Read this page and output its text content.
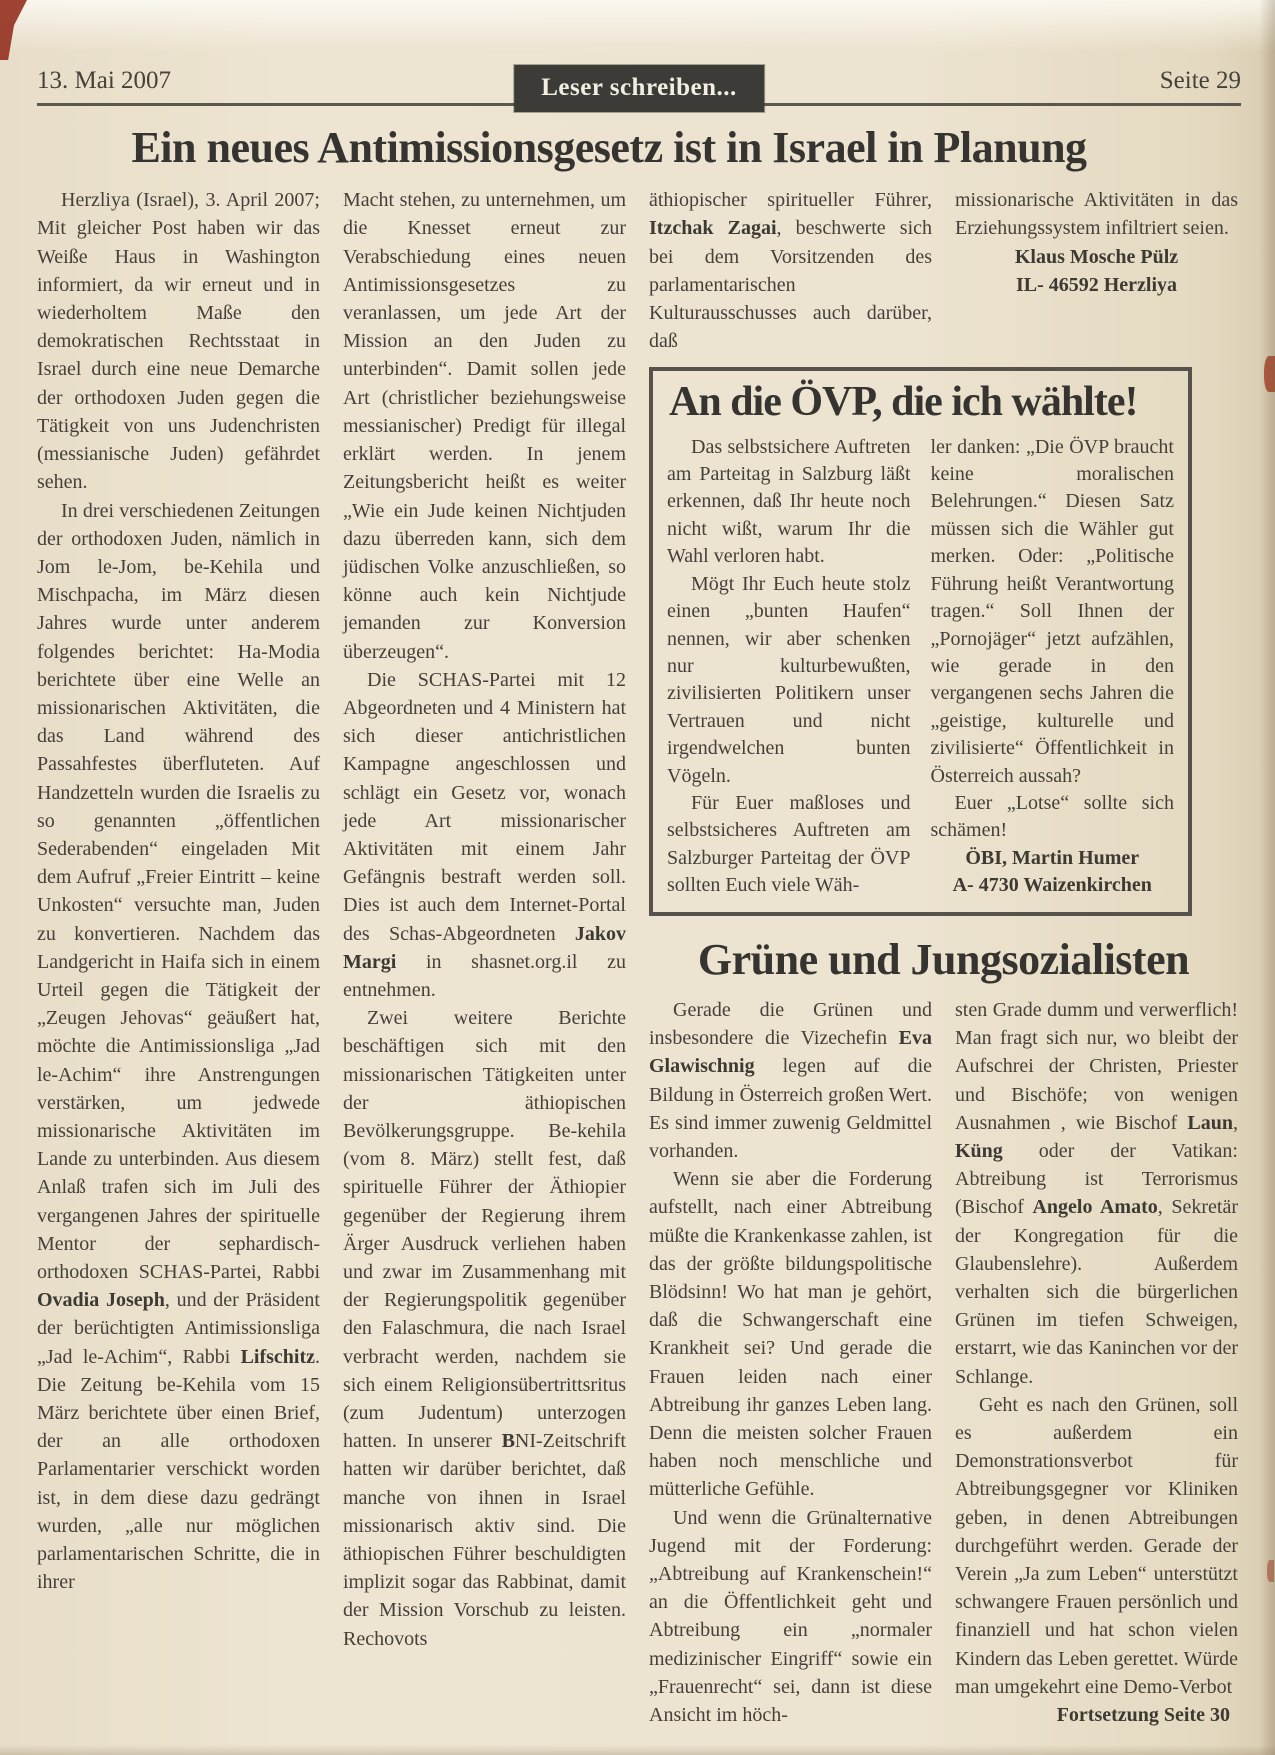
13. Mai 2007	Leser schreiben...	Seite 29
Ein neues Antimissionsgesetz ist in Israel in Planung

Herzliya (Israel), 3. April 2007; Mit gleicher Post haben wir das Weiße Haus in Washington informiert, da wir erneut und in wiederholtem Maße den demokratischen Rechtsstaat in Israel durch eine neue Demarche der orthodoxen Juden gegen die Tätigkeit von uns Judenchristen (messianische Juden) gefährdet sehen.

In drei verschiedenen Zeitungen der orthodoxen Juden, nämlich in Jom le-Jom, be-Kehila und Mischpacha, im März diesen Jahres wurde unter anderem folgendes berichtet: Ha-Modia berichtete über eine Welle an missionarischen Aktivitäten, die das Land während des Passahfestes überfluteten. Auf Handzetteln wurden die Israelis zu so genannten „öffentlichen Sederabenden“ eingeladen Mit dem Aufruf „Freier Eintritt – keine Unkosten“ versuchte man, Juden zu konvertieren. Nachdem das Landgericht in Haifa sich in einem Urteil gegen die Tätigkeit der „Zeugen Jehovas“ geäußert hat, möchte die Antimissionsliga „Jad le-Achim“ ihre Anstrengungen verstärken, um jedwede missionarische Aktivitäten im Lande zu unterbinden. Aus diesem Anlaß trafen sich im Juli des vergangenen Jahres der spirituelle Mentor der sephardisch-orthodoxen SCHAS-Partei, Rabbi Ovadia Joseph, und der Präsident der berüchtigten Antimissionsliga „Jad le-Achim“, Rabbi Lifschitz. Die Zeitung be-Kehila vom 15 März berichtete über einen Brief, der an alle orthodoxen Parlamentarier verschickt worden ist, in dem diese dazu gedrängt wurden, „alle nur möglichen parlamentarischen Schritte, die in ihrer

Macht stehen, zu unternehmen, um die Knesset erneut zur Verabschiedung eines neuen Antimissionsgesetzes zu veranlassen, um jede Art der Mission an den Juden zu unterbinden“. Damit sollen jede Art (christlicher beziehungsweise messianischer) Predigt für illegal erklärt werden. In jenem Zeitungsbericht heißt es weiter „Wie ein Jude keinen Nichtjuden dazu überreden kann, sich dem jüdischen Volke anzuschließen, so könne auch kein Nichtjude jemanden zur Konversion überzeugen“.

Die SCHAS-Partei mit 12 Abgeordneten und 4 Ministern hat sich dieser antichristlichen Kampagne angeschlossen und schlägt ein Gesetz vor, wonach jede Art missionarischer Aktivitäten mit einem Jahr Gefängnis bestraft werden soll. Dies ist auch dem Internet-Portal des Schas-Abgeordneten Jakov Margi in shasnet.org.il zu entnehmen.

Zwei weitere Berichte beschäftigen sich mit den missionarischen Tätigkeiten unter der äthiopischen Bevölkerungsgruppe. Be-kehila (vom 8. März) stellt fest, daß spirituelle Führer der Äthiopier gegenüber der Regierung ihrem Ärger Ausdruck verliehen haben und zwar im Zusammenhang mit der Regierungspolitik gegenüber den Falaschmura, die nach Israel verbracht werden, nachdem sie sich einem Religionsübertrittsritus (zum Judentum) unterzogen hatten. In unserer BNI-Zeitschrift hatten wir darüber berichtet, daß manche von ihnen in Israel missionarisch aktiv sind. Die äthiopischen Führer beschuldigten implizit sogar das Rabbinat, damit der Mission Vorschub zu leisten. Rechovots

äthiopischer spiritueller Führer, Itzchak Zagai, beschwerte sich bei dem Vorsitzenden des parlamentarischen Kulturausschusses auch darüber, daß

missionarische Aktivitäten in das Erziehungssystem infiltriert seien.

Klaus Mosche Pülz

IL- 46592 Herzliya

An die ÖVP, die ich wählte!

Das selbstsichere Auftreten am Parteitag in Salzburg läßt erkennen, daß Ihr heute noch nicht wißt, warum Ihr die Wahl verloren habt.

Mögt Ihr Euch heute stolz einen „bunten Haufen“ nennen, wir aber schenken nur kulturbewußten, zivilisierten Politikern unser Vertrauen und nicht irgendwelchen bunten Vögeln.

Für Euer maßloses und selbstsicheres Auftreten am Salzburger Parteitag der ÖVP sollten Euch viele Wäh-

ler danken: „Die ÖVP braucht keine moralischen Belehrungen.“ Diesen Satz müssen sich die Wähler gut merken. Oder: „Politische Führung heißt Verantwortung tragen.“ Soll Ihnen der „Pornojäger“ jetzt aufzählen, wie gerade in den vergangenen sechs Jahren die „geistige, kulturelle und zivilisierte“ Öffentlichkeit in Österreich aussah?

Euer „Lotse“ sollte sich schämen!

ÖBI, Martin Humer

A- 4730 Waizenkirchen

Grüne und Jungsozialisten

Gerade die Grünen und insbesondere die Vizechefin Eva Glawischnig legen auf die Bildung in Österreich großen Wert. Es sind immer zuwenig Geldmittel vorhanden.

Wenn sie aber die Forderung aufstellt, nach einer Abtreibung müßte die Krankenkasse zahlen, ist das der größte bildungspolitische Blödsinn! Wo hat man je gehört, daß die Schwangerschaft eine Krankheit sei? Und gerade die Frauen leiden nach einer Abtreibung ihr ganzes Leben lang. Denn die meisten solcher Frauen haben noch menschliche und mütterliche Gefühle.

Und wenn die Grünalternative Jugend mit der Forderung: „Abtreibung auf Krankenschein!“ an die Öffentlichkeit geht und Abtreibung ein „normaler medizinischer Eingriff“ sowie ein „Frauenrecht“ sei, dann ist diese Ansicht im höch-

sten Grade dumm und verwerflich! Man fragt sich nur, wo bleibt der Aufschrei der Christen, Priester und Bischöfe; von wenigen Ausnahmen , wie Bischof Laun, Küng oder der Vatikan: Abtreibung ist Terrorismus (Bischof Angelo Amato, Sekretär der Kongregation für die Glaubenslehre). Außerdem verhalten sich die bürgerlichen Grünen im tiefen Schweigen, erstarrt, wie das Kaninchen vor der Schlange.

Geht es nach den Grünen, soll es außerdem ein Demonstrationsverbot für Abtreibungsgegner vor Kliniken geben, in denen Abtreibungen durchgeführt werden. Gerade der Verein „Ja zum Leben“ unterstützt schwangere Frauen persönlich und finanziell und hat schon vielen Kindern das Leben gerettet. Würde man umgekehrt eine Demo-Verbot

Fortsetzung Seite 30
